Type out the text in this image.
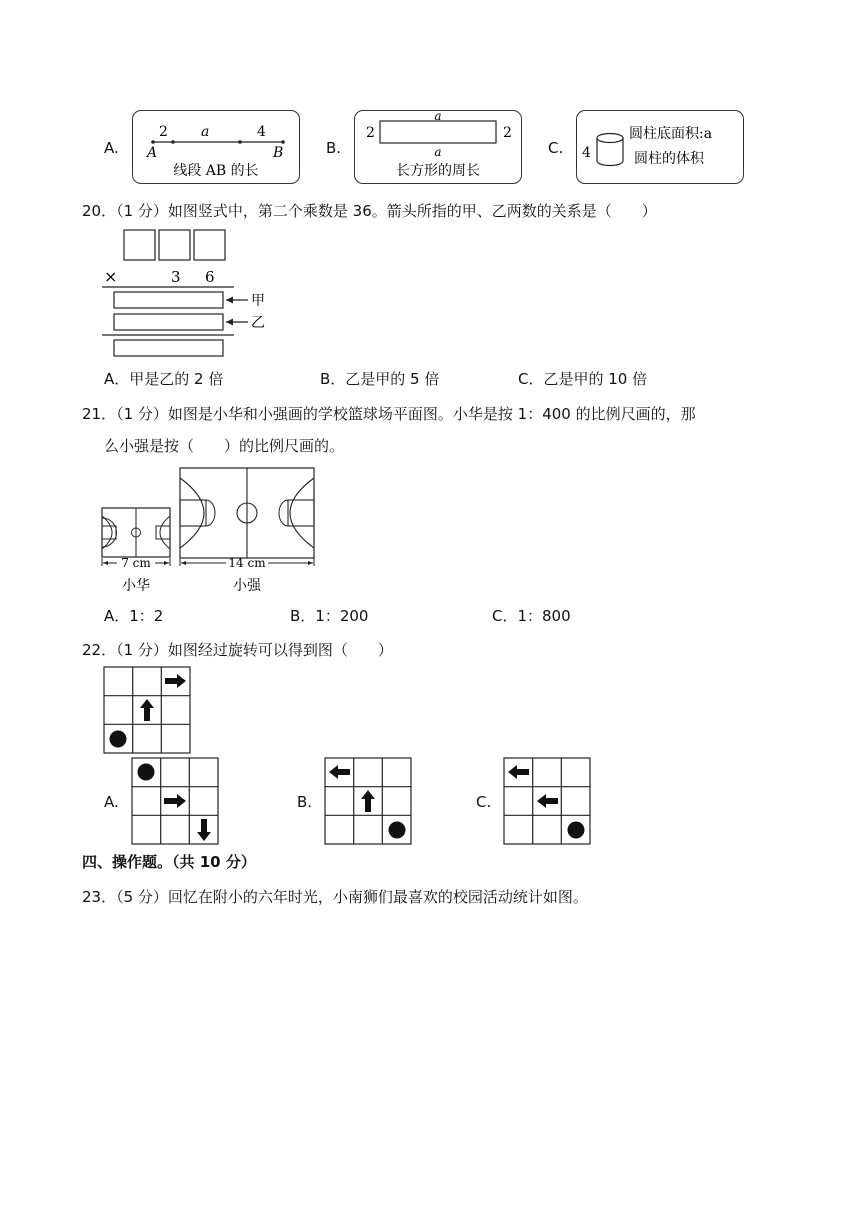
A.
2 a	4
A	B
线段 AB 的长
B.
a
a
2	2
长方形的周长
C. 4
圆柱底面积:a
圆柱的体积
20．（1 分）如图竖式中，第二个乘数是 36。箭头所指的甲、乙两数的关系是（　　）
×	3 6
甲
乙
A．甲是乙的 2 倍	B．乙是甲的 5 倍	C．乙是甲的 10 倍
21．（1 分）如图是小华和小强画的学校篮球场平面图。小华是按 1：400 的比例尺画的，那
么小强是按（　　）的比例尺画的。
7 cm
小华
14 cm
小强
A．1：2	B．1：200	C．1：800
22．（1 分）如图经过旋转可以得到图（　　）
A.	B.	C.
四、操作题。（共 10 分）
23．（5 分）回忆在附小的六年时光，小南狮们最喜欢的校园活动统计如图。
